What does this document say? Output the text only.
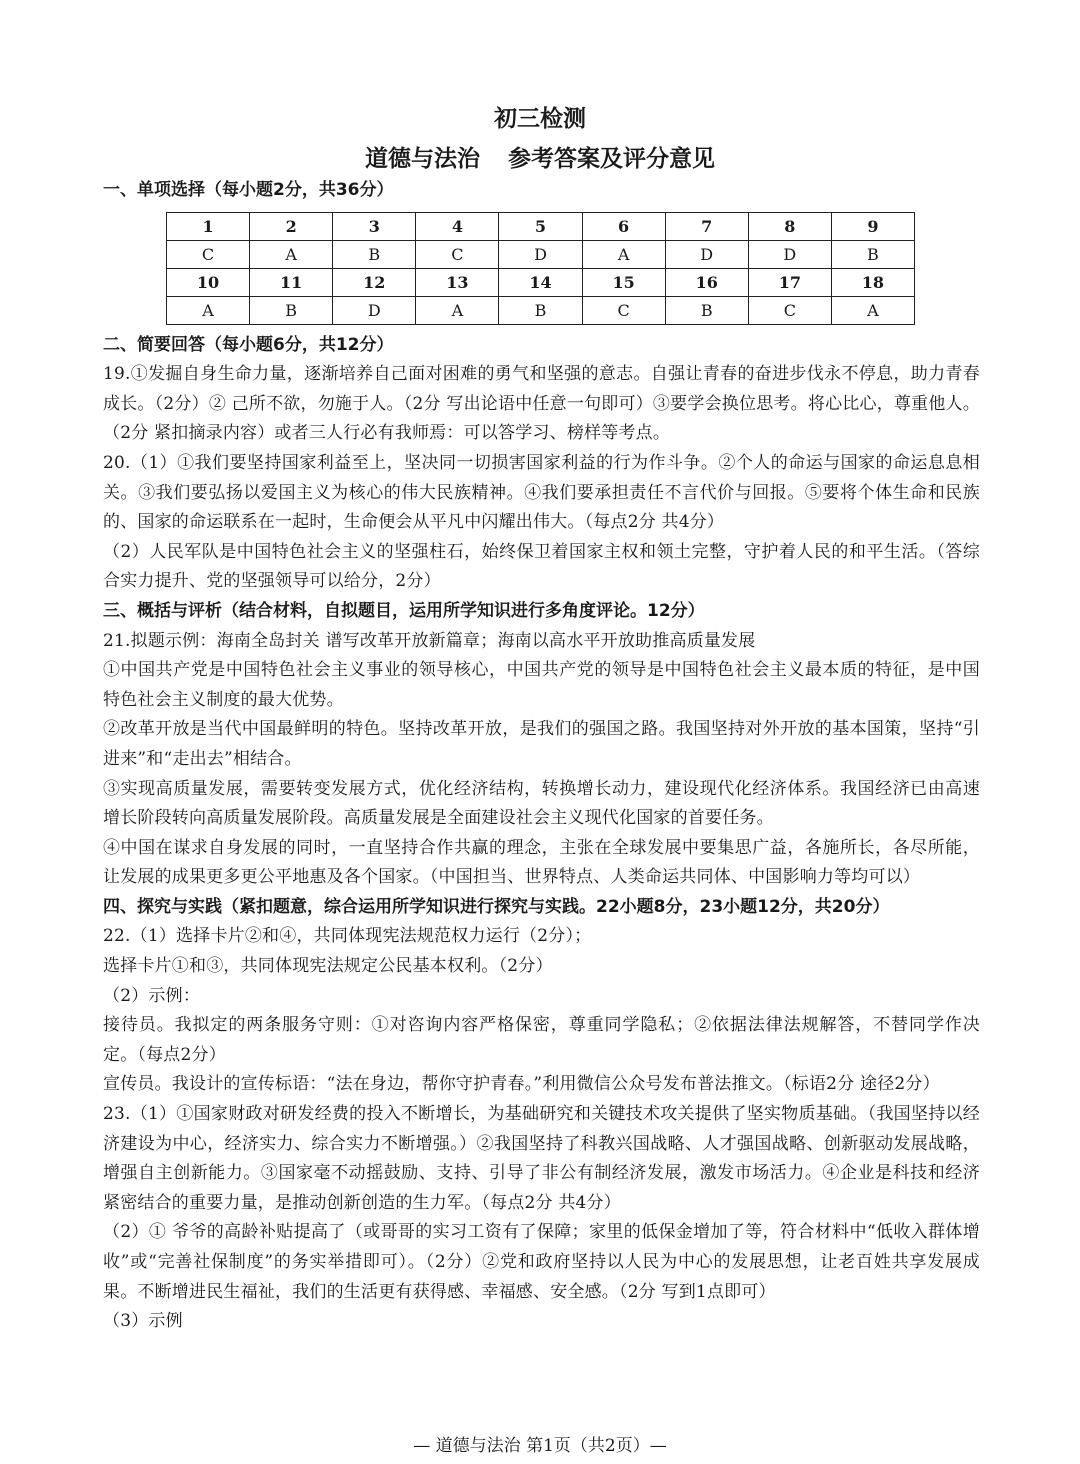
初三检测
道德与法治 参考答案及评分意见
一、单项选择（每小题2分，共36分）
1	2	3	4	5	6	7	8	9
C	A	B	C	D	A	D	D	B
10	11	12	13	14	15	16	17	18
A	B	D	A	B	C	B	C	A
二、简要回答（每小题6分，共12分）
19.①发掘自身生命力量，逐渐培养自己面对困难的勇气和坚强的意志。自强让青春的奋进步伐永不停息，助力青春成长。（2分）② 己所不欲，勿施于人。（2分 写出论语中任意一句即可）③要学会换位思考。将心比心，尊重他人。（2分 紧扣摘录内容）或者三人行必有我师焉：可以答学习、榜样等考点。
20.（1）①我们要坚持国家利益至上，坚决同一切损害国家利益的行为作斗争。②个人的命运与国家的命运息息相关。③我们要弘扬以爱国主义为核心的伟大民族精神。④我们要承担责任不言代价与回报。⑤要将个体生命和民族的、国家的命运联系在一起时，生命便会从平凡中闪耀出伟大。（每点2分 共4分）
（2）人民军队是中国特色社会主义的坚强柱石，始终保卫着国家主权和领土完整，守护着人民的和平生活。（答综合实力提升、党的坚强领导可以给分，2分）
三、概括与评析（结合材料，自拟题目，运用所学知识进行多角度评论。12分）
21.拟题示例：海南全岛封关 谱写改革开放新篇章；海南以高水平开放助推高质量发展
①中国共产党是中国特色社会主义事业的领导核心，中国共产党的领导是中国特色社会主义最本质的特征，是中国特色社会主义制度的最大优势。
②改革开放是当代中国最鲜明的特色。坚持改革开放，是我们的强国之路。我国坚持对外开放的基本国策，坚持“引进来”和“走出去”相结合。
③实现高质量发展，需要转变发展方式，优化经济结构，转换增长动力，建设现代化经济体系。我国经济已由高速增长阶段转向高质量发展阶段。高质量发展是全面建设社会主义现代化国家的首要任务。
④中国在谋求自身发展的同时，一直坚持合作共赢的理念，主张在全球发展中要集思广益，各施所长，各尽所能，让发展的成果更多更公平地惠及各个国家。（中国担当、世界特点、人类命运共同体、中国影响力等均可以）
四、探究与实践（紧扣题意，综合运用所学知识进行探究与实践。22小题8分，23小题12分，共20分）
22.（1）选择卡片②和④，共同体现宪法规范权力运行（2分）；
选择卡片①和③，共同体现宪法规定公民基本权利。（2分）
（2）示例：
接待员。我拟定的两条服务守则：①对咨询内容严格保密，尊重同学隐私；②依据法律法规解答，不替同学作决定。（每点2分）
宣传员。我设计的宣传标语：“法在身边，帮你守护青春。”利用微信公众号发布普法推文。（标语2分 途径2分）
23.（1）①国家财政对研发经费的投入不断增长，为基础研究和关键技术攻关提供了坚实物质基础。（我国坚持以经济建设为中心，经济实力、综合实力不断增强。）②我国坚持了科教兴国战略、人才强国战略、创新驱动发展战略，增强自主创新能力。③国家毫不动摇鼓励、支持、引导了非公有制经济发展，激发市场活力。④企业是科技和经济紧密结合的重要力量，是推动创新创造的生力军。（每点2分 共4分）
（2）① 爷爷的高龄补贴提高了（或哥哥的实习工资有了保障；家里的低保金增加了等，符合材料中“低收入群体增收”或“完善社保制度”的务实举措即可）。（2分）②党和政府坚持以人民为中心的发展思想，让老百姓共享发展成果。不断增进民生福祉，我们的生活更有获得感、幸福感、安全感。（2分 写到1点即可）
（3）示例
— 道德与法治 第1页（共2页）—
